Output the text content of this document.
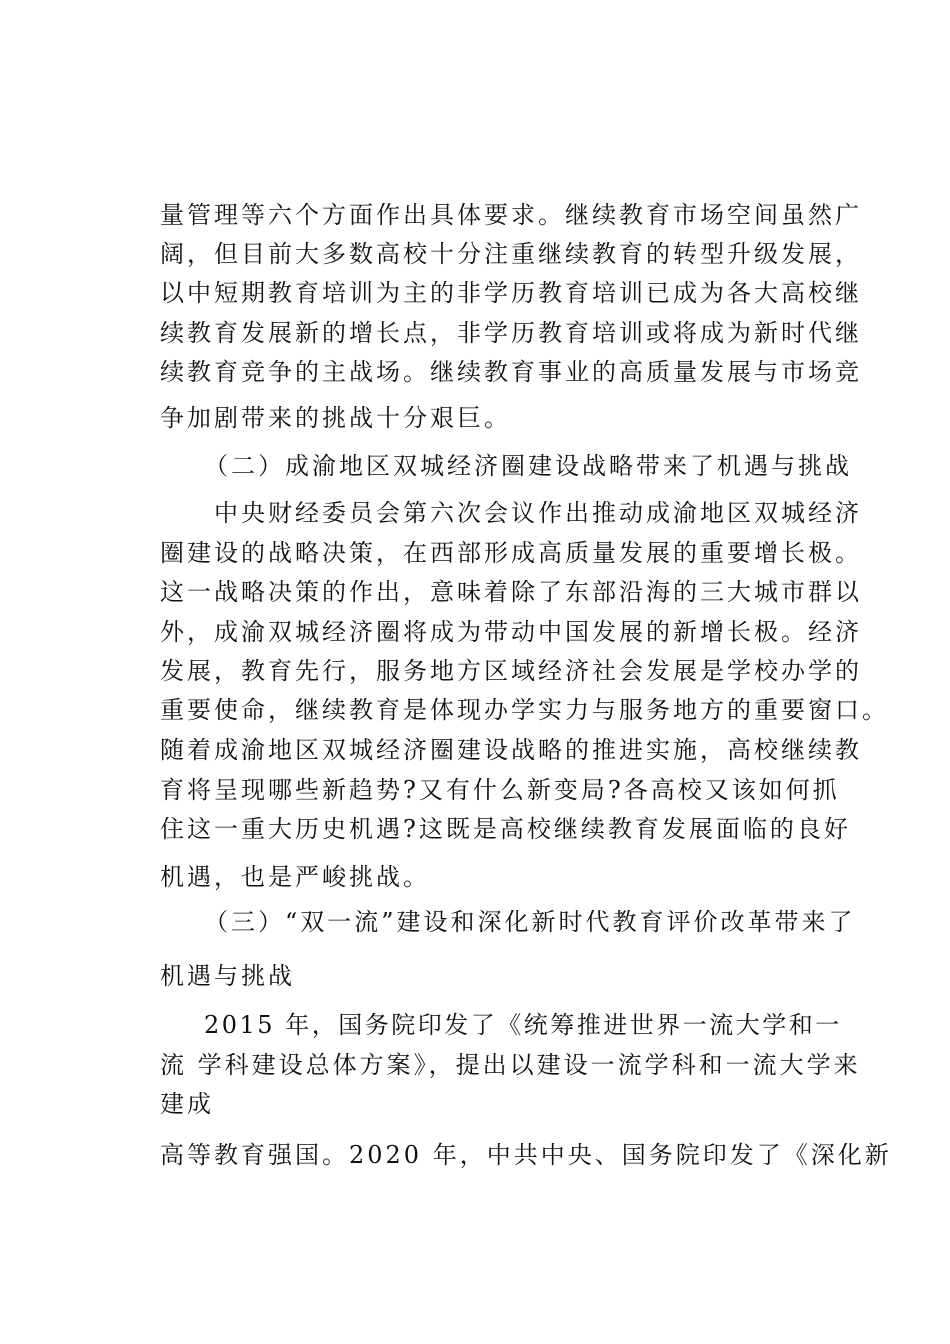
量管理等六个方面作出具体要求。继续教育市场空间虽然广
阔，但目前大多数高校十分注重继续教育的转型升级发展，
以中短期教育培训为主的非学历教育培训已成为各大高校继
续教育发展新的增长点，非学历教育培训或将成为新时代继
续教育竞争的主战场。继续教育事业的高质量发展与市场竞
争加剧带来的挑战十分艰巨。
（二）成渝地区双城经济圈建设战略带来了机遇与挑战
中央财经委员会第六次会议作出推动成渝地区双城经济
圈建设的战略决策，在西部形成高质量发展的重要增长极。
这一战略决策的作出，意味着除了东部沿海的三大城市群以
外，成渝双城经济圈将成为带动中国发展的新增长极。经济
发展，教育先行，服务地方区域经济社会发展是学校办学的
重要使命，继续教育是体现办学实力与服务地方的重要窗口。
随着成渝地区双城经济圈建设战略的推进实施，高校继续教
育将呈现哪些新趋势?又有什么新变局?各高校又该如何抓
住这一重大历史机遇?这既是高校继续教育发展面临的良好
机遇，也是严峻挑战。
（三）“双一流”建设和深化新时代教育评价改革带来了
机遇与挑战
2015 年，国务院印发了《统筹推进世界一流大学和一
流 学科建设总体方案》，提出以建设一流学科和一流大学来
建成
高等教育强国。2020 年，中共中央、国务院印发了《深化新
